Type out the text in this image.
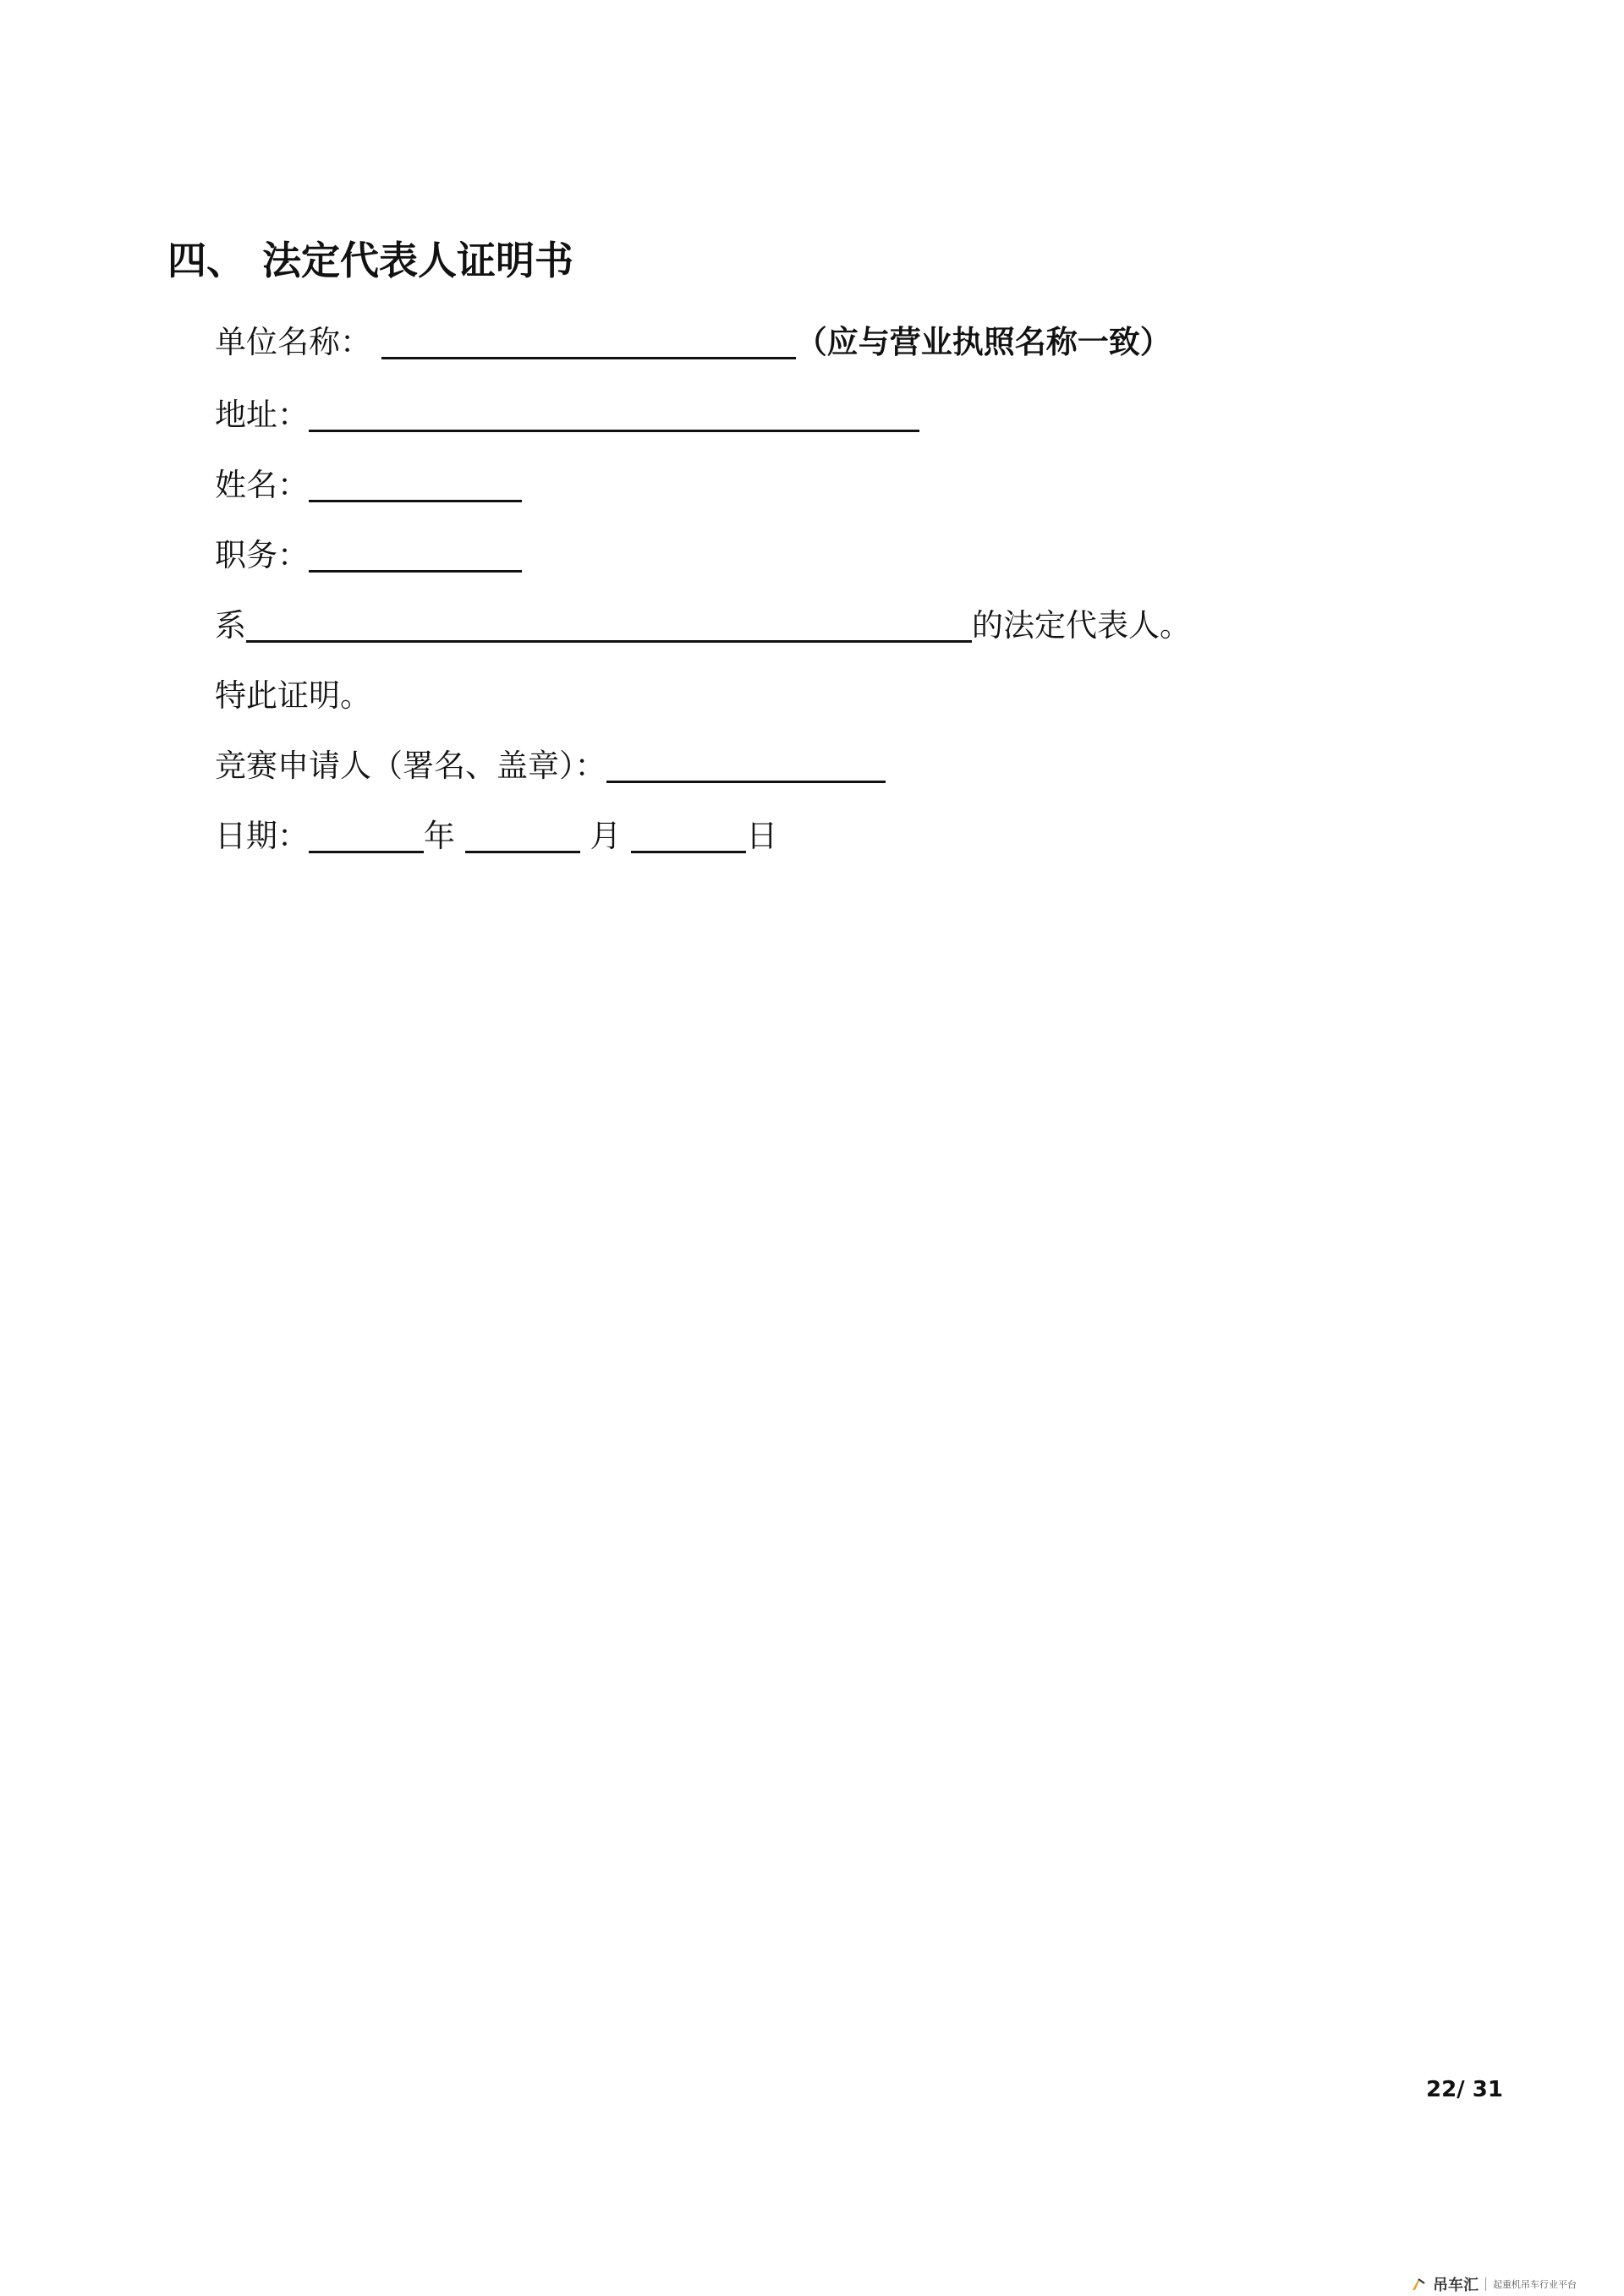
四、 法定代表人证明书
单位名称：	（应与营业执照名称一致）
地址：
姓名：
职务：
系	的法定代表人。
特此证明。
竞赛申请人（署名、盖章）：
日期：	年	月	日
22/ 31
吊车汇 起重机吊车行业平台
